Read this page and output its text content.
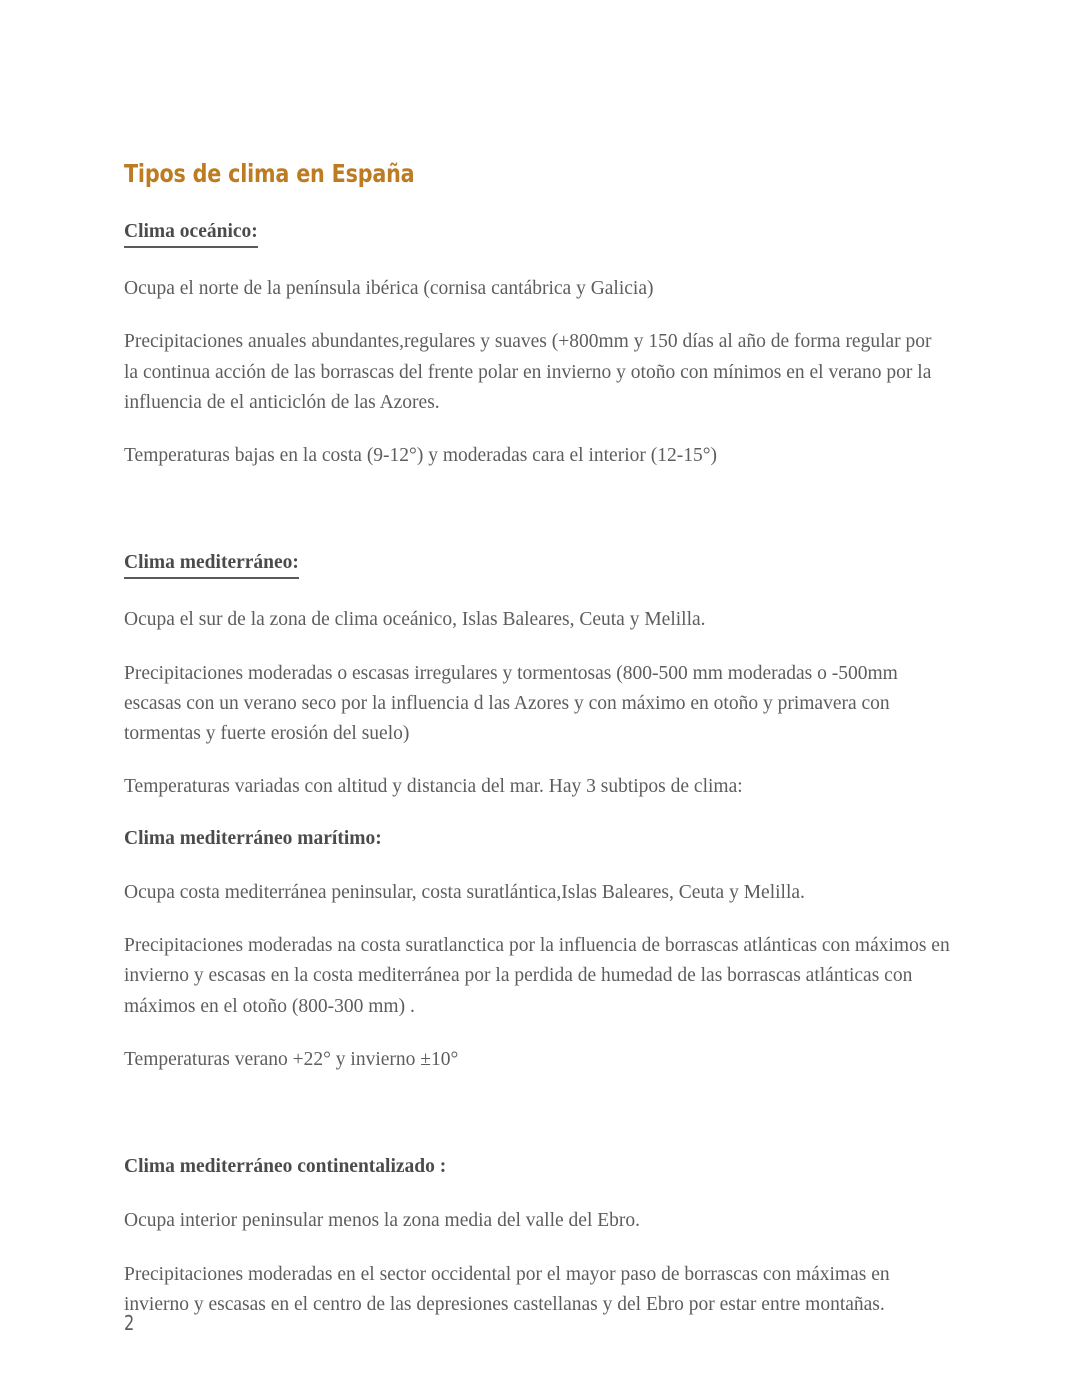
Tipos de clima en España
Clima oceánico:

Ocupa el norte de la península ibérica (cornisa cantábrica y Galicia)

Precipitaciones anuales abundantes,regulares y suaves (+800mm y 150 días al año de forma regular por la continua acción de las borrascas del frente polar en invierno y otoño con mínimos en el verano por la influencia de el anticiclón de las Azores.

Temperaturas bajas en la costa (9-12°) y moderadas cara el interior (12-15°)

Clima mediterráneo:

Ocupa el sur de la zona de clima oceánico, Islas Baleares, Ceuta y Melilla.

Precipitaciones moderadas o escasas irregulares y tormentosas (800-500 mm moderadas o -500mm escasas con un verano seco por la influencia d las Azores y con máximo en otoño y primavera con tormentas y fuerte erosión del suelo)

Temperaturas variadas con altitud y distancia del mar. Hay 3 subtipos de clima:

Clima mediterráneo marítimo:

Ocupa costa mediterránea peninsular, costa suratlántica,Islas Baleares, Ceuta y Melilla.

Precipitaciones moderadas na costa suratlanctica por la influencia de borrascas atlánticas con máximos en invierno y escasas en la costa mediterránea por la perdida de humedad de las borrascas atlánticas con máximos en el otoño (800-300 mm) .

Temperaturas verano +22° y invierno ±10°

Clima mediterráneo continentalizado :

Ocupa interior peninsular menos la zona media del valle del Ebro.

Precipitaciones moderadas en el sector occidental por el mayor paso de borrascas con máximas en invierno y escasas en el centro de las depresiones castellanas y del Ebro por estar entre montañas.

2
